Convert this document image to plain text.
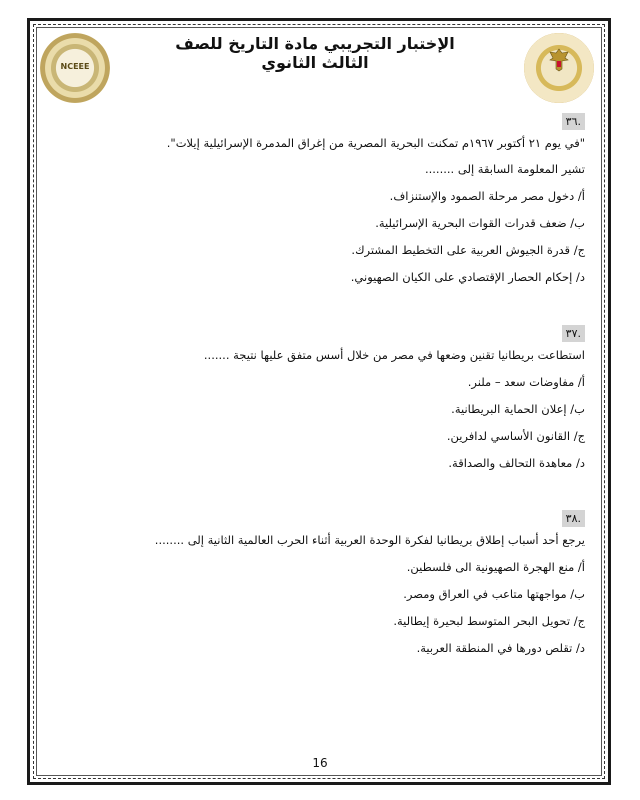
NCEEE
الإختبار التجريبي مادة التاريخ للصف الثالث الثانوي
.٣٦
"في يوم ٢١ أكتوبر ١٩٦٧م تمكنت البحرية المصرية من إغراق المدمرة الإسرائيلية إيلات".
تشير المعلومة السابقة إلى ........
أ/ دخول مصر مرحلة الصمود والإستنزاف.
ب/ ضعف قدرات القوات البحرية الإسرائيلية.
ج/ قدرة الجيوش العربية على التخطيط المشترك.
د/ إحكام الحصار الإقتصادي على الكيان الصهيوني.
.٣٧
استطاعت بريطانيا تقنين وضعها في مصر من خلال أسس متفق عليها نتيجة .......
أ/ مفاوضات سعد – ملنر.
ب/ إعلان الحماية البريطانية.
ج/ القانون الأساسي لدافرين.
د/ معاهدة التحالف والصداقة.
.٣٨
يرجع أحد أسباب إطلاق بريطانيا لفكرة الوحدة العربية أثناء الحرب العالمية الثانية إلى ........
أ/ منع الهجرة الصهيونية الى فلسطين.
ب/ مواجهتها متاعب في العراق ومصر.
ج/ تحويل البحر المتوسط لبحيرة إيطالية.
د/ تقلص دورها في المنطقة العربية.
16
